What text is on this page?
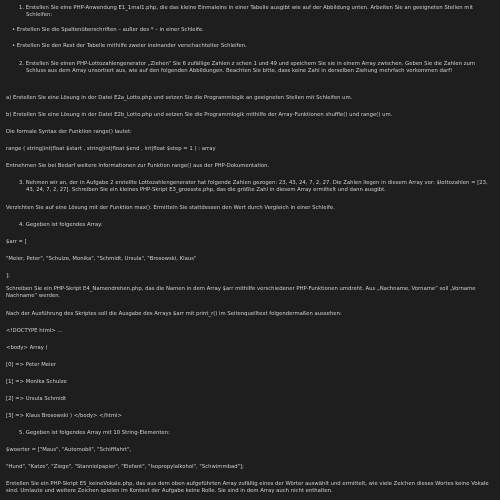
1. Erstellen Sie eine PHP-Anwendung E1_1mal1.php, die das kleine Einmaleins in einer Tabelle ausgibt wie auf der Abbildung unten. Arbeiten Sie an geeigneten Stellen mit Schleifen:

• Erstellen Sie die Spaltenüberschriften – außer des * – in einer Schleife.

• Erstellen Sie den Rest der Tabelle mithilfe zweier ineinander verschachtelter Schleifen.

2. Erstellen Sie einen PHP-Lottozahlengenerator „Ziehen“ Sie 6 zufällige Zahlen z schen 1 und 49 und speichern Sie sie in einem Array zwischen. Geben Sie die Zahlen zum Schluss aus dem Array unsortiert aus, wie auf den folgenden Abbildungen. Beachten Sie bitte, dass keine Zahl in derselben Ziehung mehrfach vorkommen darf!

a) Erstellen Sie eine Lösung in der Datei E2a_Lotto.php und setzen Sie die Programmlogik an geeigneten Stellen mit Schleifen um.

b) Erstellen Sie eine Lösung in der Datei E2b_Lotto.php und setzen Sie die Programmlogik mithilfe der Array-Funktionen shuffle() und range() um.

Die formale Syntax der Funktion range() lautet:

range ( string|int|float $start , string|int|float $end , int|float $step = 1 ) : array

Entnehmen Sie bei Bedarf weitere Informationen zur Funktion range() aus der PHP-Dokumentation.

3. Nehmen wir an, der in Aufgabe 2 erstellte Lottozahlengenerator hat folgende Zahlen gezogen: 23, 43, 24, 7, 2, 27. Die Zahlen liegen in diesem Array vor: $lottozahlen = [23, 43, 24, 7, 2, 27]. Schreiben Sie ein kleines PHP-Skript E3_groesste.php, das die größte Zahl in diesem Array ermittelt und dann ausgibt.

Verzichten Sie auf eine Lösung mit der Funktion max(). Ermitteln Sie stattdessen den Wert durch Vergleich in einer Schleife.

4. Gegeben ist folgendes Array:

$arr = [

"Meier, Peter", "Schulze, Monika", "Schmidt, Ursula", "Brosowski, Klaus"

];

Schreiben Sie ein PHP-Skript E4_Namendrehen.php, das die Namen in dem Array $arr mithilfe verschiedener PHP-Funktionen umdreht. Aus „Nachname, Vorname“ soll „Vorname Nachname“ werden.

Nach der Ausführung des Skriptes soll die Ausgabe des Arrays $arr mit print_r() im Seitenquelltext folgendermaßen aussehen:

<!DOCTYPE html> ...

<body> Array (

[0] => Peter Meier

[1] => Monika Schulze

[2] => Ursula Schmidt

[3] => Klaus Brosowski ) </body> </html>

5. Gegeben ist folgendes Array mit 10 String-Elementen:

$woerter = ["Maus", "Automobil", "Schifffahrt",

"Hund", "Katze", "Ziege", "Stanniolpapier", "Elefant", "Isopropylalkohol", "Schwimmbad"];

Erstellen Sie ein PHP-Skript E5_keineVokale.php, das aus dem oben aufgeführten Array zufällig eines der Wörter auswählt und ermittelt, wie viele Zeichen dieses Wortes keine Vokale sind. Umlaute und weitere Zeichen spielen im Kontext der Aufgabe keine Rolle. Sie sind in dem Array auch nicht enthalten.
